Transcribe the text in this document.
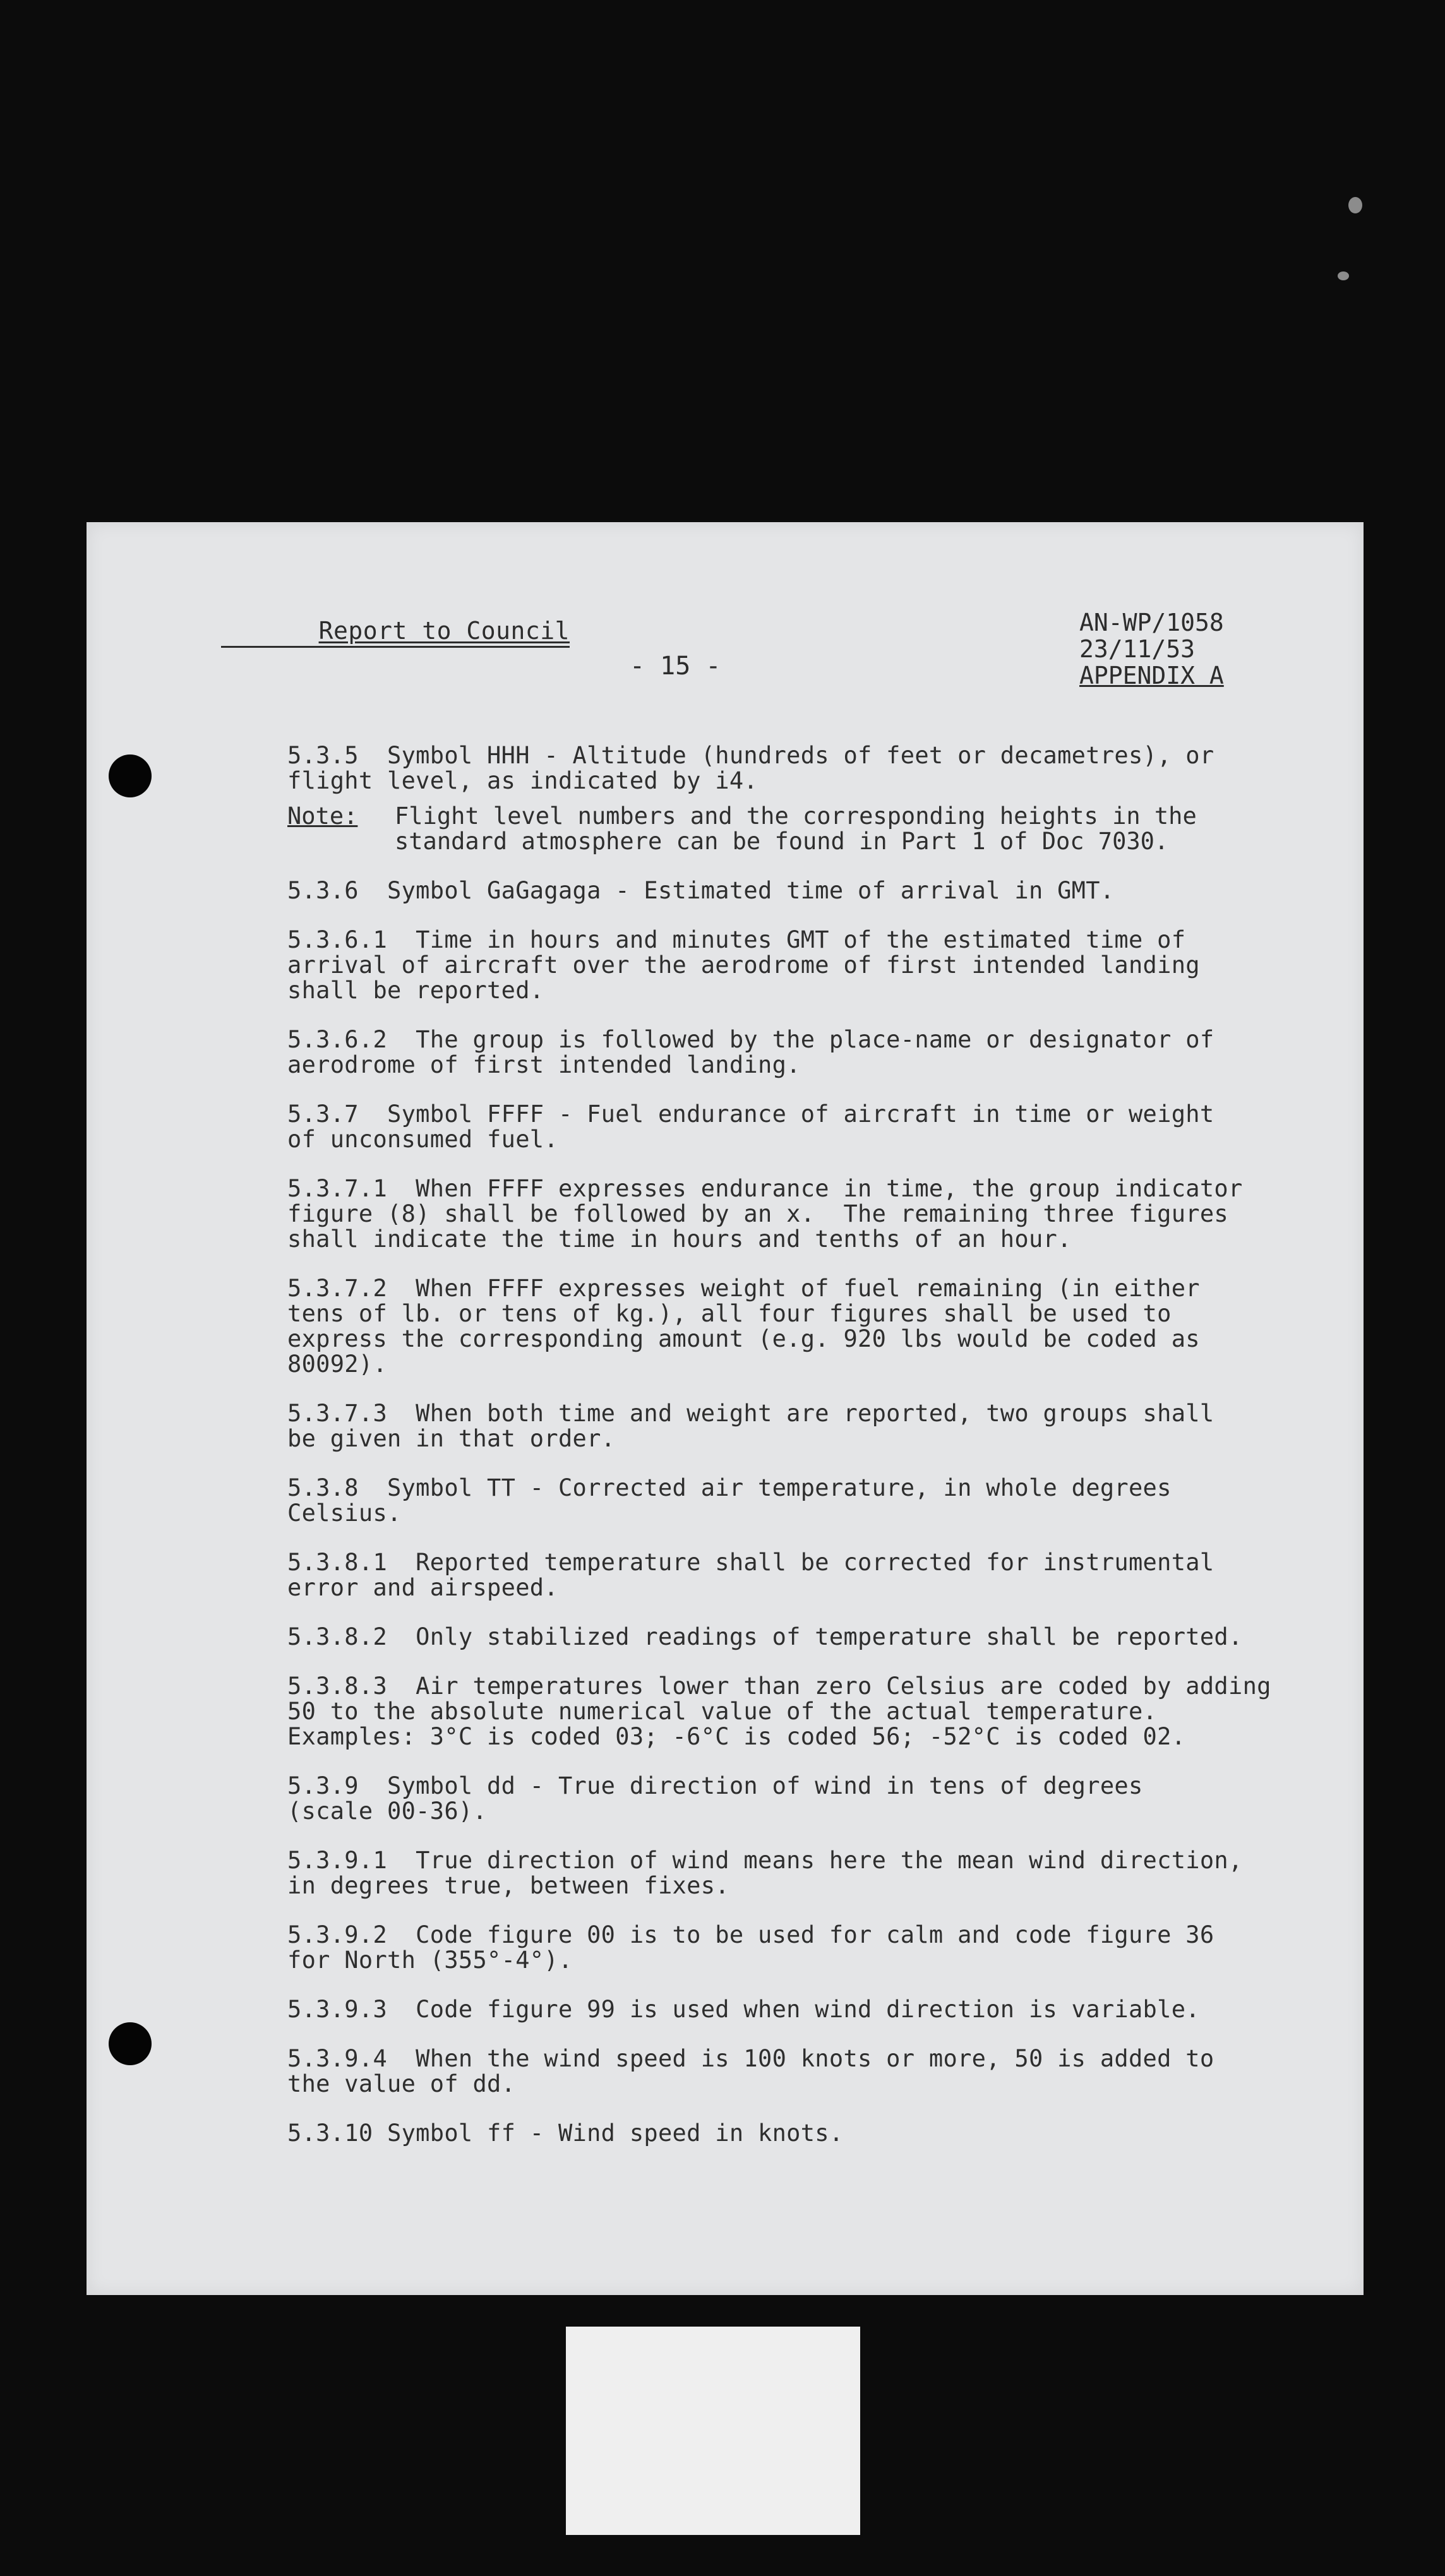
Report to Council
- 15 -
AN-WP/1058
23/11/53
APPENDIX A
5.3.5  Symbol HHH - Altitude (hundreds of feet or decametres), or
flight level, as indicated by i4.
Note:	Flight level numbers and the corresponding heights in the
standard atmosphere can be found in Part 1 of Doc 7030.
5.3.6  Symbol GaGagaga - Estimated time of arrival in GMT.
5.3.6.1  Time in hours and minutes GMT of the estimated time of
arrival of aircraft over the aerodrome of first intended landing
shall be reported.
5.3.6.2  The group is followed by the place-name or designator of
aerodrome of first intended landing.
5.3.7  Symbol FFFF - Fuel endurance of aircraft in time or weight
of unconsumed fuel.
5.3.7.1  When FFFF expresses endurance in time, the group indicator
figure (8) shall be followed by an x.  The remaining three figures
shall indicate the time in hours and tenths of an hour.
5.3.7.2  When FFFF expresses weight of fuel remaining (in either
tens of lb. or tens of kg.), all four figures shall be used to
express the corresponding amount (e.g. 920 lbs would be coded as
80092).
5.3.7.3  When both time and weight are reported, two groups shall
be given in that order.
5.3.8  Symbol TT - Corrected air temperature, in whole degrees
Celsius.
5.3.8.1  Reported temperature shall be corrected for instrumental
error and airspeed.
5.3.8.2  Only stabilized readings of temperature shall be reported.
5.3.8.3  Air temperatures lower than zero Celsius are coded by adding
50 to the absolute numerical value of the actual temperature.
Examples: 3°C is coded 03; -6°C is coded 56; -52°C is coded 02.
5.3.9  Symbol dd - True direction of wind in tens of degrees
(scale 00-36).
5.3.9.1  True direction of wind means here the mean wind direction,
in degrees true, between fixes.
5.3.9.2  Code figure 00 is to be used for calm and code figure 36
for North (355°-4°).
5.3.9.3  Code figure 99 is used when wind direction is variable.
5.3.9.4  When the wind speed is 100 knots or more, 50 is added to
the value of dd.
5.3.10 Symbol ff - Wind speed in knots.
